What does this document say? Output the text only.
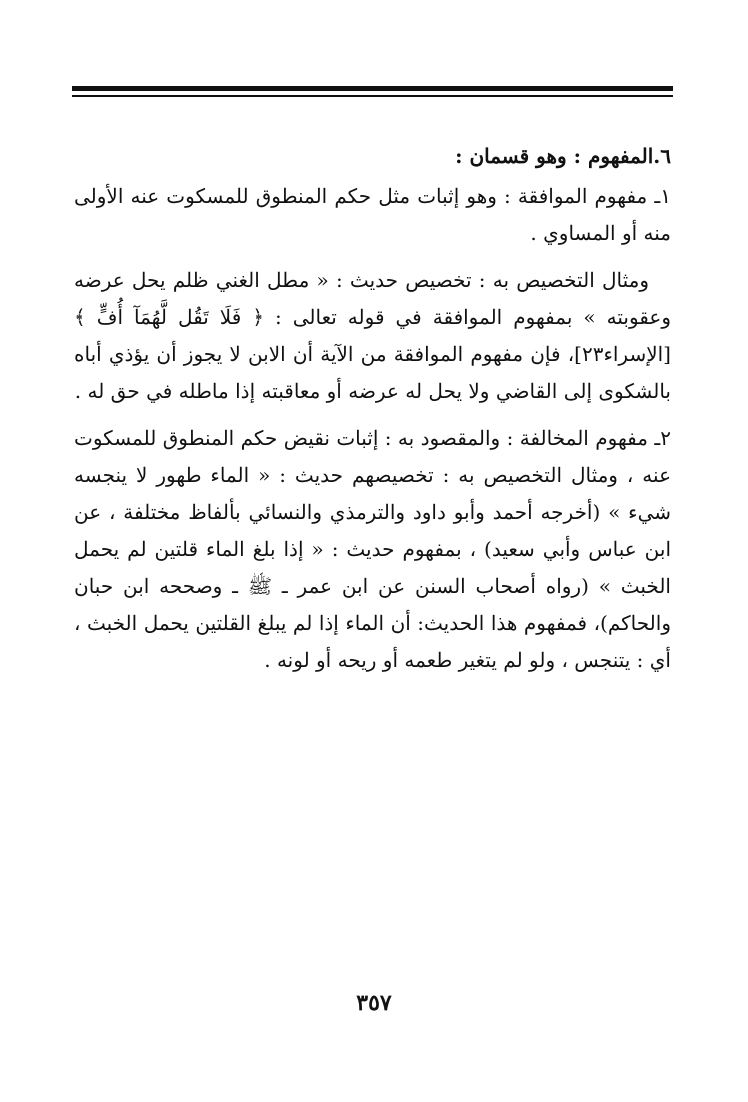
٦.المفهوم : وهو قسمان :

١ـ مفهوم الموافقة : وهو إثبات مثل حكم المنطوق للمسكوت عنه الأولى منه أو المساوي .

ومثال التخصيص به : تخصيص حديث : « مطل الغني ظلم يحل عرضه وعقوبته » بمفهوم الموافقة في قوله تعالى : ﴿ فَلَا تَقُل لَّهُمَآ أُفٍّ ﴾ [الإسراء٢٣]، فإن مفهوم الموافقة من الآية أن الابن لا يجوز أن يؤذي أباه بالشكوى إلى القاضي ولا يحل له عرضه أو معاقبته إذا ماطله في حق له .

٢ـ مفهوم المخالفة : والمقصود به : إثبات نقيض حكم المنطوق للمسكوت عنه ، ومثال التخصيص به : تخصيصهم حديث : « الماء طهور لا ينجسه شيء » (أخرجه أحمد وأبو داود والترمذي والنسائي بألفاظ مختلفة ، عن ابن عباس وأبي سعيد) ، بمفهوم حديث : « إذا بلغ الماء قلتين لم يحمل الخبث » (رواه أصحاب السنن عن ابن عمر ـ ﷺ ـ وصححه ابن حبان والحاكم)، فمفهوم هذا الحديث: أن الماء إذا لم يبلغ القلتين يحمل الخبث ، أي : يتنجس ، ولو لم يتغير طعمه أو ريحه أو لونه .

٣٥٧
